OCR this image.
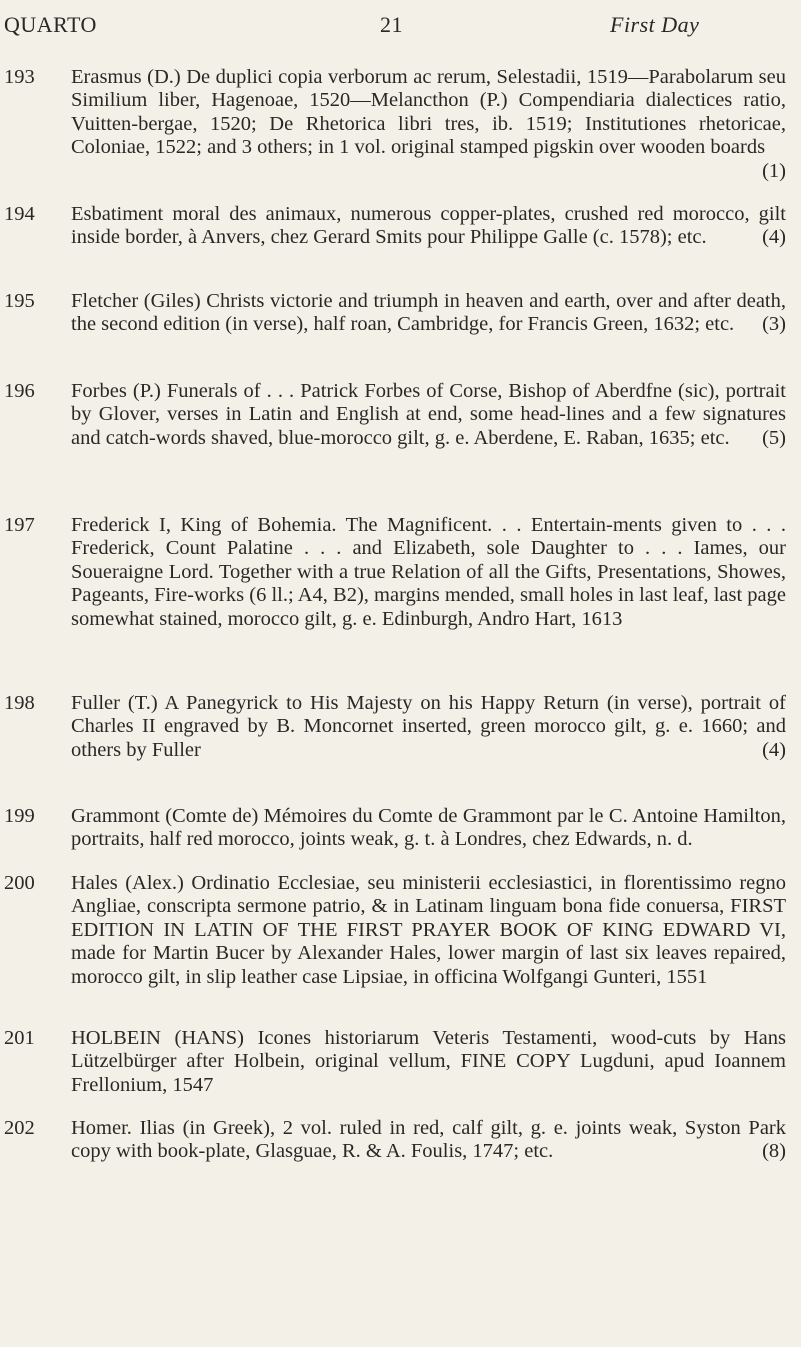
QUARTO	21	First Day
193	Erasmus (D.) De duplici copia verborum ac rerum, Selestadii, 1519—Parabolarum seu Similium liber, Hagenoae, 1520—Melancthon (P.) Compendiaria dialectices ratio, Vuitten-bergae, 1520; De Rhetorica libri tres, ib. 1519; Institutiones rhetoricae, Coloniae, 1522; and 3 others; in 1 vol. original stamped pigskin over wooden boards
(1)
194	Esbatiment moral des animaux, numerous copper-plates, crushed red morocco, gilt inside border, à Anvers, chez Gerard Smits pour Philippe Galle (c. 1578); etc.	(4)
195	Fletcher (Giles) Christs victorie and triumph in heaven and earth, over and after death, the second edition (in verse), half roan, Cambridge, for Francis Green, 1632; etc. (3)
196	Forbes (P.) Funerals of . . . Patrick Forbes of Corse, Bishop of Aberdfne (sic), portrait by Glover, verses in Latin and English at end, some head-lines and a few signatures and catch-words shaved, blue-morocco gilt, g. e. Aberdene, E. Raban, 1635; etc. (5)
197	Frederick I, King of Bohemia. The Magnificent. . . Entertain-ments given to . . . Frederick, Count Palatine . . . and Elizabeth, sole Daughter to . . . Iames, our Soueraigne Lord. Together with a true Relation of all the Gifts, Presentations, Showes, Pageants, Fire-works (6 ll.; A4, B2), margins mended, small holes in last leaf, last page somewhat stained, morocco gilt, g. e. Edinburgh, Andro Hart, 1613
198	Fuller (T.) A Panegyrick to His Majesty on his Happy Return (in verse), portrait of Charles II engraved by B. Moncornet inserted, green morocco gilt, g. e. 1660; and others by Fuller	(4)
199	Grammont (Comte de) Mémoires du Comte de Grammont par le C. Antoine Hamilton, portraits, half red morocco, joints weak, g. t. à Londres, chez Edwards, n. d.
200	Hales (Alex.) Ordinatio Ecclesiae, seu ministerii ecclesiastici, in florentissimo regno Angliae, conscripta sermone patrio, & in Latinam linguam bona fide conuersa, FIRST EDITION IN LATIN OF THE FIRST PRAYER BOOK OF KING EDWARD VI, made for Martin Bucer by Alexander Hales, lower margin of last six leaves repaired, morocco gilt, in slip leather case Lipsiae, in officina Wolfgangi Gunteri, 1551
201	HOLBEIN (HANS) Icones historiarum Veteris Testamenti, wood-cuts by Hans Lützelbürger after Holbein, original vellum, FINE COPY Lugduni, apud Ioannem Frellonium, 1547
202	Homer. Ilias (in Greek), 2 vol. ruled in red, calf gilt, g. e. joints weak, Syston Park copy with book-plate, Glasguae, R. & A. Foulis, 1747; etc.	(8)
